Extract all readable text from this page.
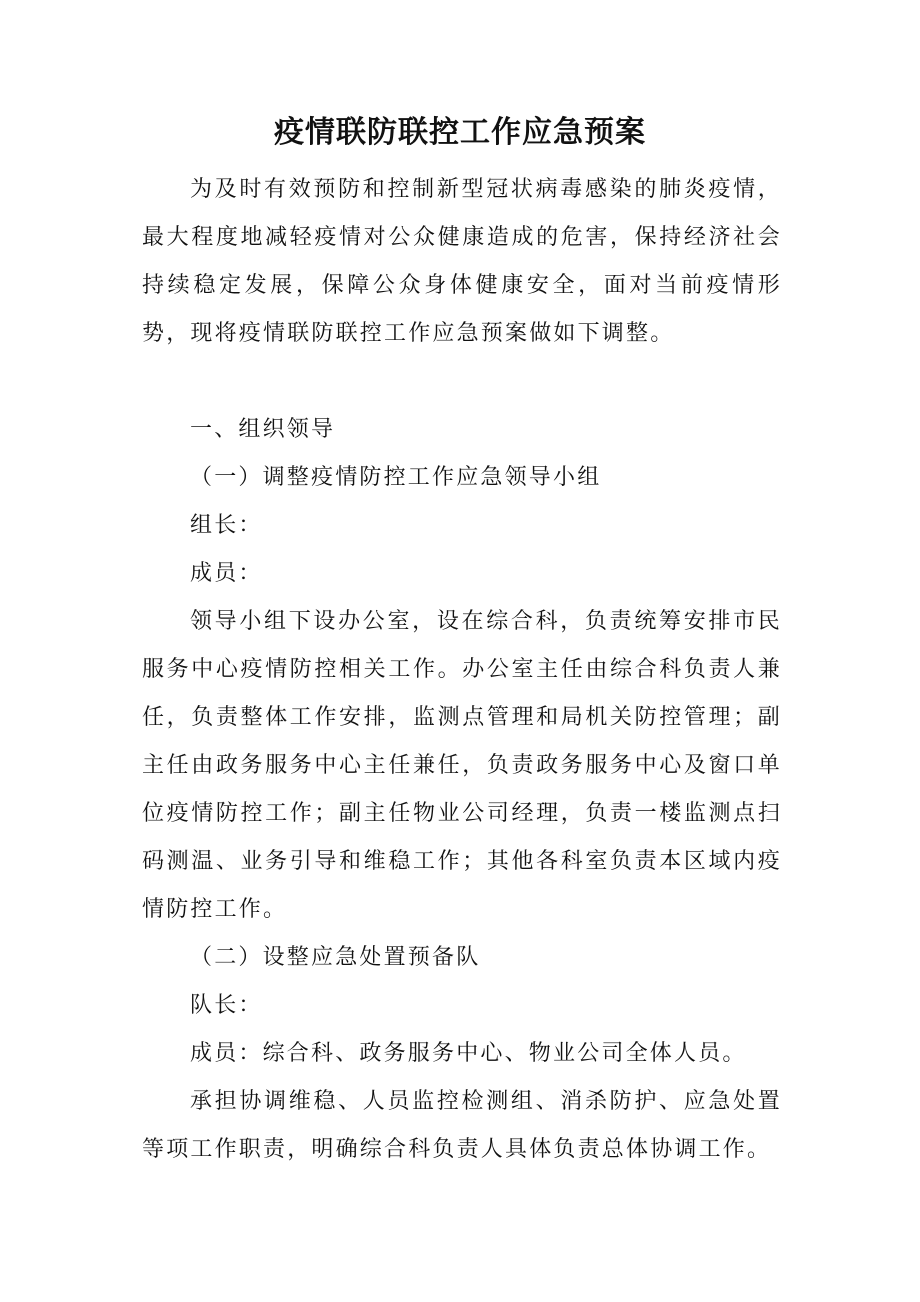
疫情联防联控工作应急预案

为及时有效预防和控制新型冠状病毒感染的肺炎疫情，最大程度地减轻疫情对公众健康造成的危害，保持经济社会持续稳定发展，保障公众身体健康安全，面对当前疫情形势，现将疫情联防联控工作应急预案做如下调整。

一、组织领导

（一）调整疫情防控工作应急领导小组

组长：

成员：

领导小组下设办公室，设在综合科，负责统筹安排市民服务中心疫情防控相关工作。办公室主任由综合科负责人兼任，负责整体工作安排，监测点管理和局机关防控管理；副主任由政务服务中心主任兼任，负责政务服务中心及窗口单位疫情防控工作；副主任物业公司经理，负责一楼监测点扫码测温、业务引导和维稳工作；其他各科室负责本区域内疫情防控工作。

（二）设整应急处置预备队

队长：

成员：综合科、政务服务中心、物业公司全体人员。

承担协调维稳、人员监控检测组、消杀防护、应急处置等项工作职责，明确综合科负责人具体负责总体协调工作。
